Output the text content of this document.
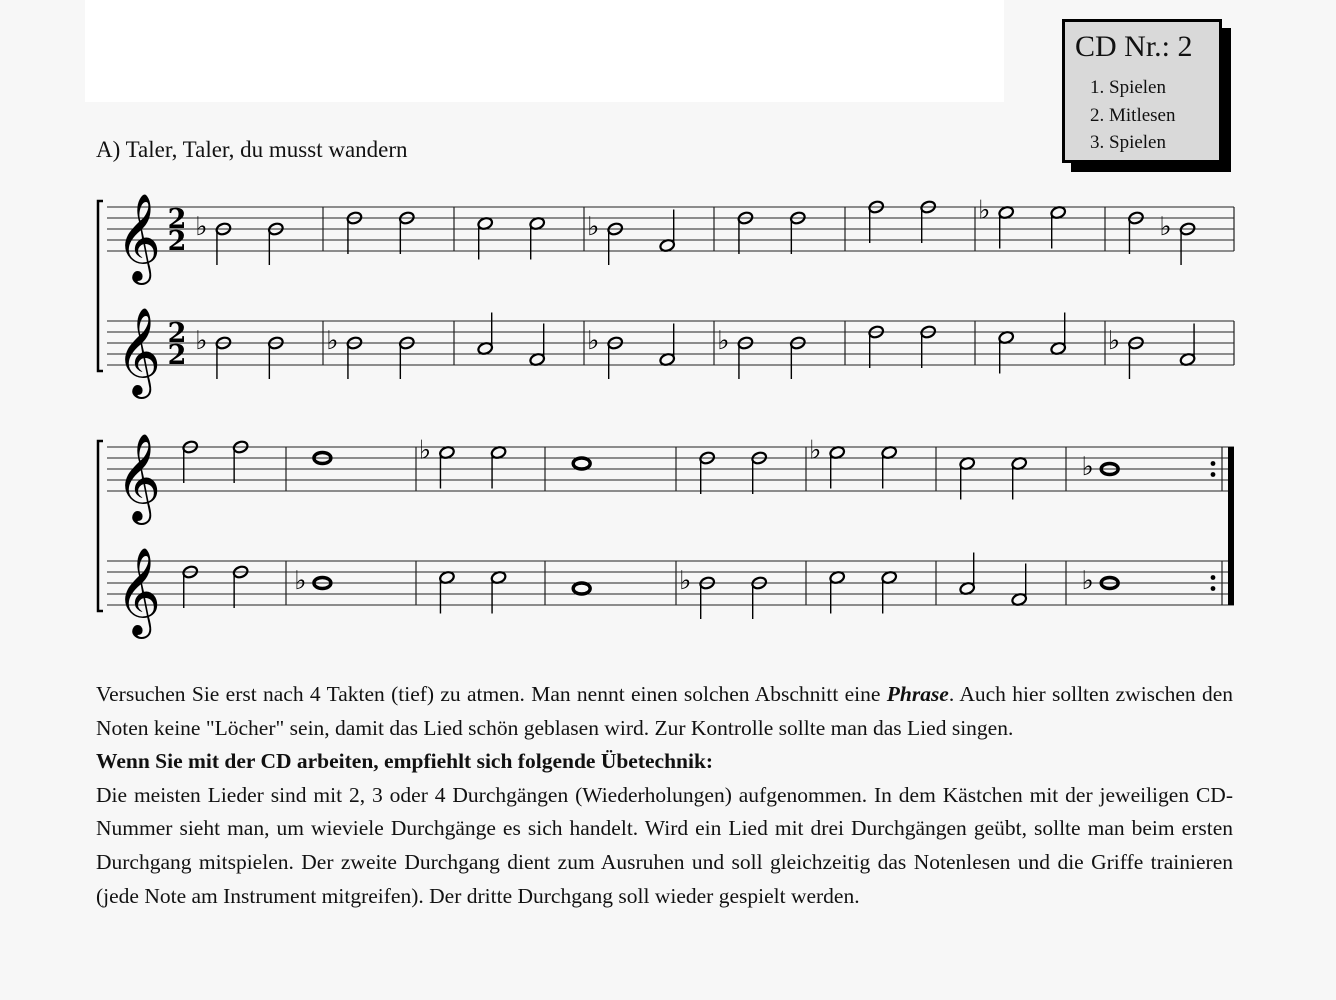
CD Nr.: 2
1. Spielen
2. Mitlesen
3. Spielen
A) Taler, Taler, du musst wandern
𝄞
𝄞
2
2
2
2
♭
♭	♭
♭
♭	♭
♭
♭
♭
𝄞
𝄞	♭
♭
♭
♭
♭
♭

Versuchen Sie erst nach 4 Takten (tief) zu atmen. Man nennt einen solchen Abschnitt eine Phrase. Auch hier sollten zwischen den Noten keine "Löcher" sein, damit das Lied schön geblasen wird. Zur Kontrolle sollte man das Lied singen.

Wenn Sie mit der CD arbeiten, empfiehlt sich folgende Übetechnik:

Die meisten Lieder sind mit 2, 3 oder 4 Durchgängen (Wiederholungen) aufgenommen. In dem Kästchen mit der jeweiligen CD-Nummer sieht man, um wieviele Durchgänge es sich handelt. Wird ein Lied mit drei Durchgängen geübt, sollte man beim ersten Durchgang mitspielen. Der zweite Durchgang dient zum Ausruhen und soll gleichzeitig das Notenlesen und die Griffe trainieren (jede Note am Instrument mitgreifen). Der dritte Durchgang soll wieder gespielt werden.
